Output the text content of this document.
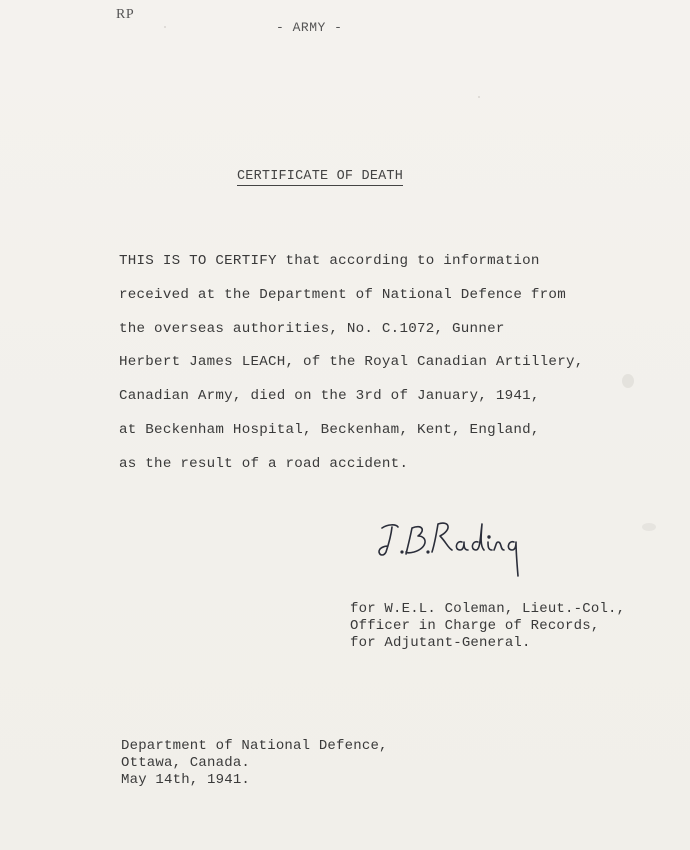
RP
- ARMY -
CERTIFICATE OF DEATH
THIS IS TO CERTIFY that according to information
received at the Department of National Defence from
the overseas authorities, No. C.1072, Gunner
Herbert James LEACH, of the Royal Canadian Artillery,
Canadian Army, died on the 3rd of January, 1941,
at Beckenham Hospital, Beckenham, Kent, England,
as the result of a road accident.
for W.E.L. Coleman, Lieut.-Col.,
Officer in Charge of Records,
for Adjutant-General.
Department of National Defence,
Ottawa, Canada.
May 14th, 1941.
